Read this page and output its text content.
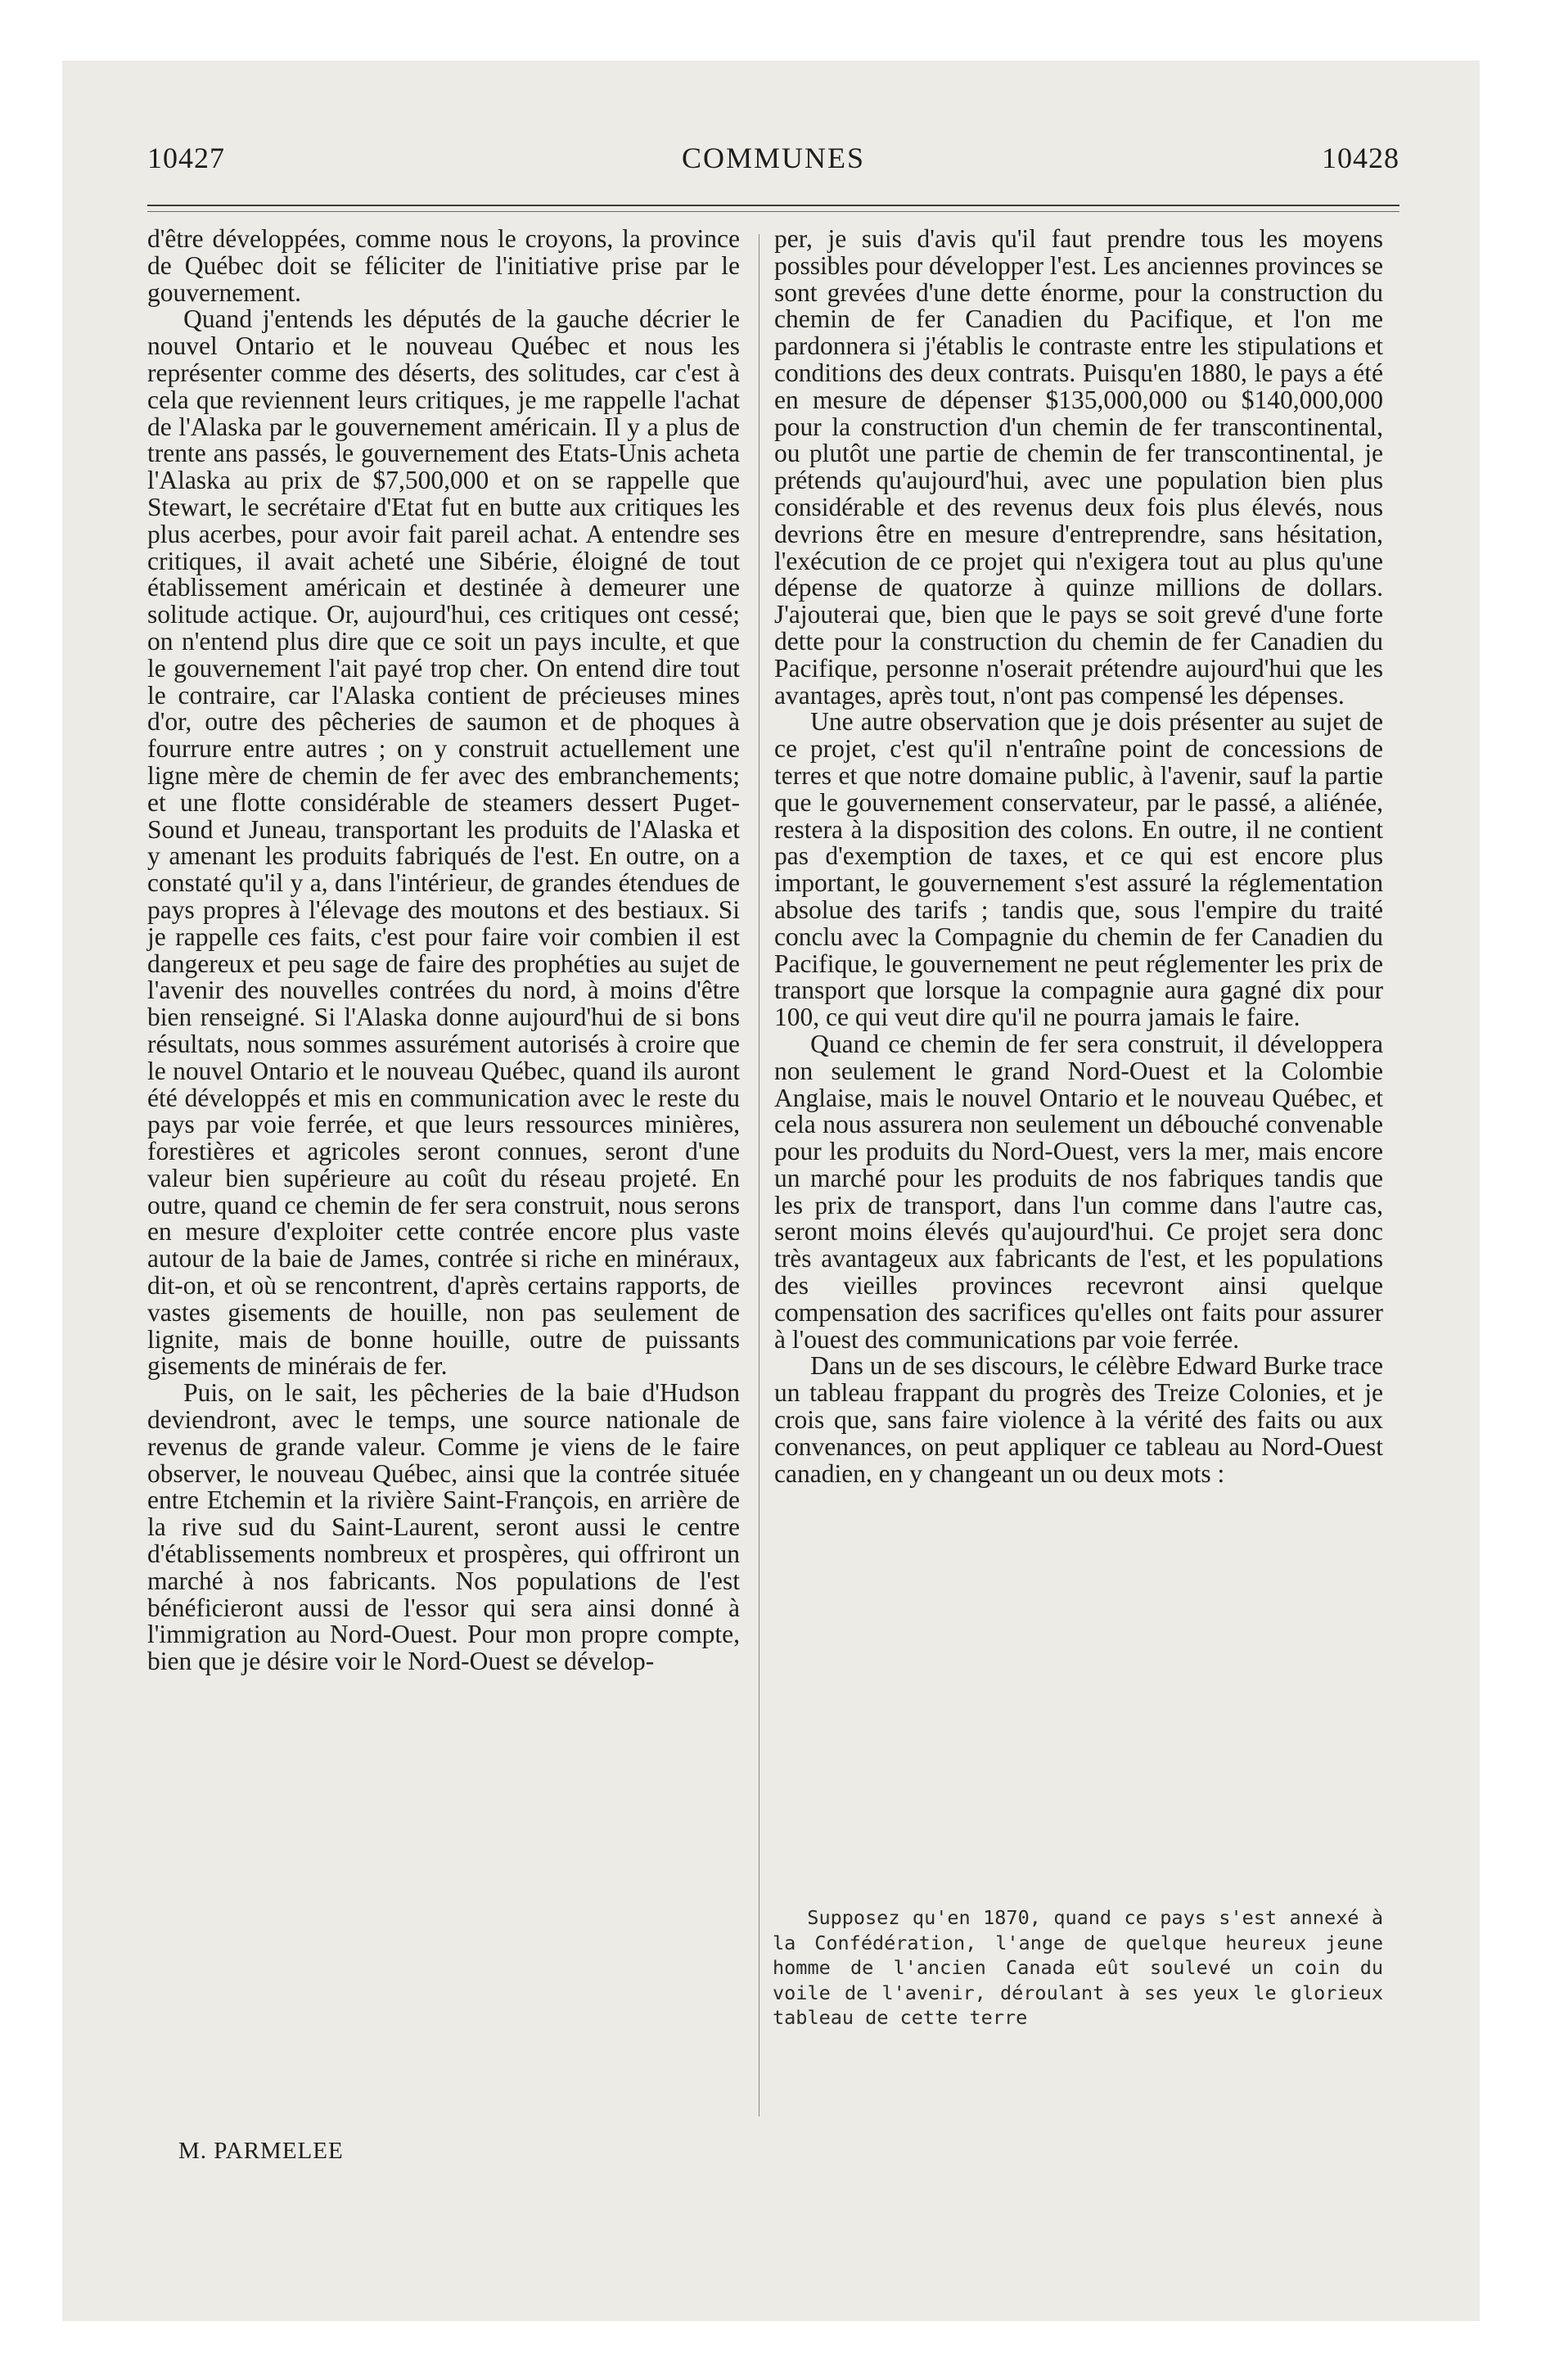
10427	COMMUNES	10428

d'être développées, comme nous le croyons, la province de Québec doit se féliciter de l'initiative prise par le gouvernement.

Quand j'entends les députés de la gauche décrier le nouvel Ontario et le nouveau Québec et nous les représenter comme des déserts, des solitudes, car c'est à cela que reviennent leurs critiques, je me rappelle l'achat de l'Alaska par le gouvernement américain. Il y a plus de trente ans passés, le gouvernement des Etats-Unis acheta l'Alaska au prix de $7,500,000 et on se rappelle que Stewart, le secrétaire d'Etat fut en butte aux critiques les plus acerbes, pour avoir fait pareil achat. A entendre ses critiques, il avait acheté une Sibérie, éloigné de tout établissement américain et destinée à demeurer une solitude actique. Or, aujourd'hui, ces critiques ont cessé; on n'entend plus dire que ce soit un pays inculte, et que le gouvernement l'ait payé trop cher. On entend dire tout le contraire, car l'Alaska contient de précieuses mines d'or, outre des pêcheries de saumon et de phoques à fourrure entre autres ; on y construit actuellement une ligne mère de chemin de fer avec des embranchements; et une flotte considérable de steamers dessert Puget-Sound et Juneau, transportant les produits de l'Alaska et y amenant les produits fabriqués de l'est. En outre, on a constaté qu'il y a, dans l'intérieur, de grandes étendues de pays propres à l'élevage des moutons et des bestiaux. Si je rappelle ces faits, c'est pour faire voir combien il est dangereux et peu sage de faire des prophéties au sujet de l'avenir des nouvelles contrées du nord, à moins d'être bien renseigné. Si l'Alaska donne aujourd'hui de si bons résultats, nous sommes assurément autorisés à croire que le nouvel Ontario et le nouveau Québec, quand ils auront été développés et mis en communication avec le reste du pays par voie ferrée, et que leurs ressources minières, forestières et agricoles seront connues, seront d'une valeur bien supérieure au coût du réseau projeté. En outre, quand ce chemin de fer sera construit, nous serons en mesure d'exploiter cette contrée encore plus vaste autour de la baie de James, contrée si riche en minéraux, dit-on, et où se rencontrent, d'après certains rapports, de vastes gisements de houille, non pas seulement de lignite, mais de bonne houille, outre de puissants gisements de minérais de fer.

Puis, on le sait, les pêcheries de la baie d'Hudson deviendront, avec le temps, une source nationale de revenus de grande valeur. Comme je viens de le faire observer, le nouveau Québec, ainsi que la contrée située entre Etchemin et la rivière Saint-François, en arrière de la rive sud du Saint-Laurent, seront aussi le centre d'établissements nombreux et prospères, qui offriront un marché à nos fabricants. Nos populations de l'est bénéficieront aussi de l'essor qui sera ainsi donné à l'immigration au Nord-Ouest. Pour mon propre compte, bien que je désire voir le Nord-Ouest se dévelop-

M. PARMELEE

per, je suis d'avis qu'il faut prendre tous les moyens possibles pour développer l'est. Les anciennes provinces se sont grevées d'une dette énorme, pour la construction du chemin de fer Canadien du Pacifique, et l'on me pardonnera si j'établis le contraste entre les stipulations et conditions des deux contrats. Puisqu'en 1880, le pays a été en mesure de dépenser $135,000,000 ou $140,000,000 pour la construction d'un chemin de fer transcontinental, ou plutôt une partie de chemin de fer transcontinental, je prétends qu'aujourd'hui, avec une population bien plus considérable et des revenus deux fois plus élevés, nous devrions être en mesure d'entreprendre, sans hésitation, l'exécution de ce projet qui n'exigera tout au plus qu'une dépense de quatorze à quinze millions de dollars. J'ajouterai que, bien que le pays se soit grevé d'une forte dette pour la construction du chemin de fer Canadien du Pacifique, personne n'oserait prétendre aujourd'hui que les avantages, après tout, n'ont pas compensé les dépenses.

Une autre observation que je dois présenter au sujet de ce projet, c'est qu'il n'entraîne point de concessions de terres et que notre domaine public, à l'avenir, sauf la partie que le gouvernement conservateur, par le passé, a aliénée, restera à la disposition des colons. En outre, il ne contient pas d'exemption de taxes, et ce qui est encore plus important, le gouvernement s'est assuré la réglementation absolue des tarifs ; tandis que, sous l'empire du traité conclu avec la Compagnie du chemin de fer Canadien du Pacifique, le gouvernement ne peut réglementer les prix de transport que lorsque la compagnie aura gagné dix pour 100, ce qui veut dire qu'il ne pourra jamais le faire.

Quand ce chemin de fer sera construit, il développera non seulement le grand Nord-Ouest et la Colombie Anglaise, mais le nouvel Ontario et le nouveau Québec, et cela nous assurera non seulement un débouché convenable pour les produits du Nord-Ouest, vers la mer, mais encore un marché pour les produits de nos fabriques tandis que les prix de transport, dans l'un comme dans l'autre cas, seront moins élevés qu'aujourd'hui. Ce projet sera donc très avantageux aux fabricants de l'est, et les populations des vieilles provinces recevront ainsi quelque compensation des sacrifices qu'elles ont faits pour assurer à l'ouest des communications par voie ferrée.

Dans un de ses discours, le célèbre Edward Burke trace un tableau frappant du progrès des Treize Colonies, et je crois que, sans faire violence à la vérité des faits ou aux convenances, on peut appliquer ce tableau au Nord-Ouest canadien, en y changeant un ou deux mots :

Supposez qu'en 1870, quand ce pays s'est annexé à la Confédération, l'ange de quelque heureux jeune homme de l'ancien Canada eût soulevé un coin du voile de l'avenir, déroulant à ses yeux le glorieux tableau de cette terre
